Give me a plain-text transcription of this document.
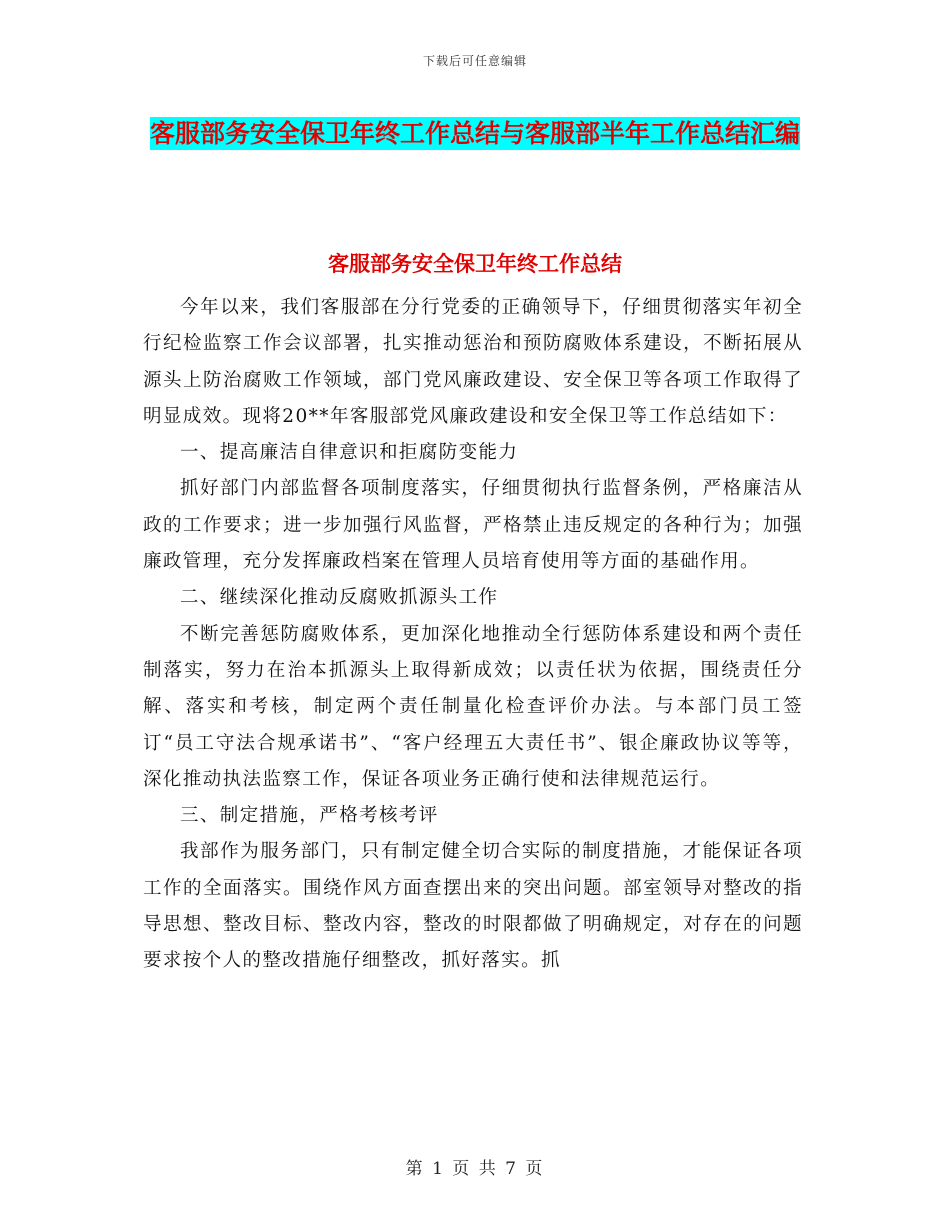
下载后可任意编辑
客服部务安全保卫年终工作总结与客服部半年工作总结汇编
客服部务安全保卫年终工作总结

今年以来，我们客服部在分行党委的正确领导下，仔细贯彻落实年初全行纪检监察工作会议部署，扎实推动惩治和预防腐败体系建设，不断拓展从源头上防治腐败工作领域，部门党风廉政建设、安全保卫等各项工作取得了明显成效。现将20**年客服部党风廉政建设和安全保卫等工作总结如下：

一、提高廉洁自律意识和拒腐防变能力

抓好部门内部监督各项制度落实，仔细贯彻执行监督条例，严格廉洁从政的工作要求；进一步加强行风监督，严格禁止违反规定的各种行为；加强廉政管理，充分发挥廉政档案在管理人员培育使用等方面的基础作用。

二、继续深化推动反腐败抓源头工作

不断完善惩防腐败体系，更加深化地推动全行惩防体系建设和两个责任制落实，努力在治本抓源头上取得新成效；以责任状为依据，围绕责任分解、落实和考核，制定两个责任制量化检查评价办法。与本部门员工签订“员工守法合规承诺书”、“客户经理五大责任书”、银企廉政协议等等，深化推动执法监察工作，保证各项业务正确行使和法律规范运行。

三、制定措施，严格考核考评

我部作为服务部门，只有制定健全切合实际的制度措施，才能保证各项工作的全面落实。围绕作风方面查摆出来的突出问题。部室领导对整改的指导思想、整改目标、整改内容，整改的时限都做了明确规定，对存在的问题要求按个人的整改措施仔细整改，抓好落实。抓

第 1 页 共 7 页
